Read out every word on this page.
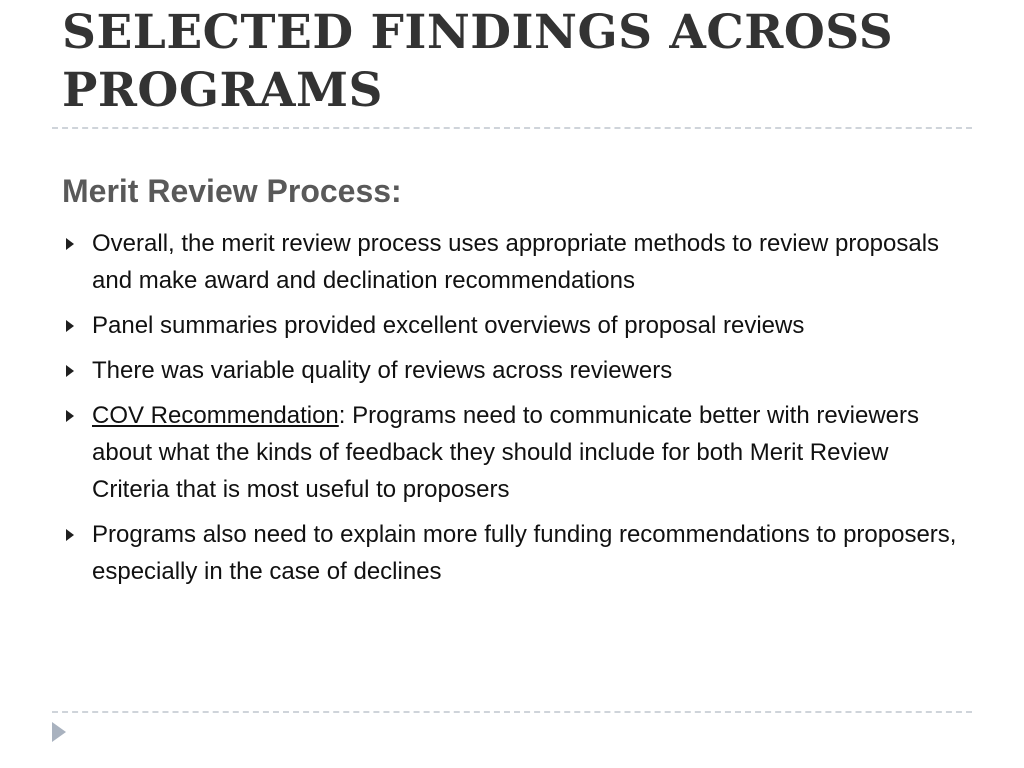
SELECTED FINDINGS ACROSS PROGRAMS
Merit Review Process:
Overall, the merit review process uses appropriate methods to review proposals and make award and declination recommendations
Panel summaries provided excellent overviews of proposal reviews
There was variable quality of reviews across reviewers
COV Recommendation: Programs need to communicate better with reviewers about what the kinds of feedback they should include for both Merit Review Criteria that is most useful to proposers
Programs also need to explain more fully funding recommendations to proposers, especially in the case of declines
